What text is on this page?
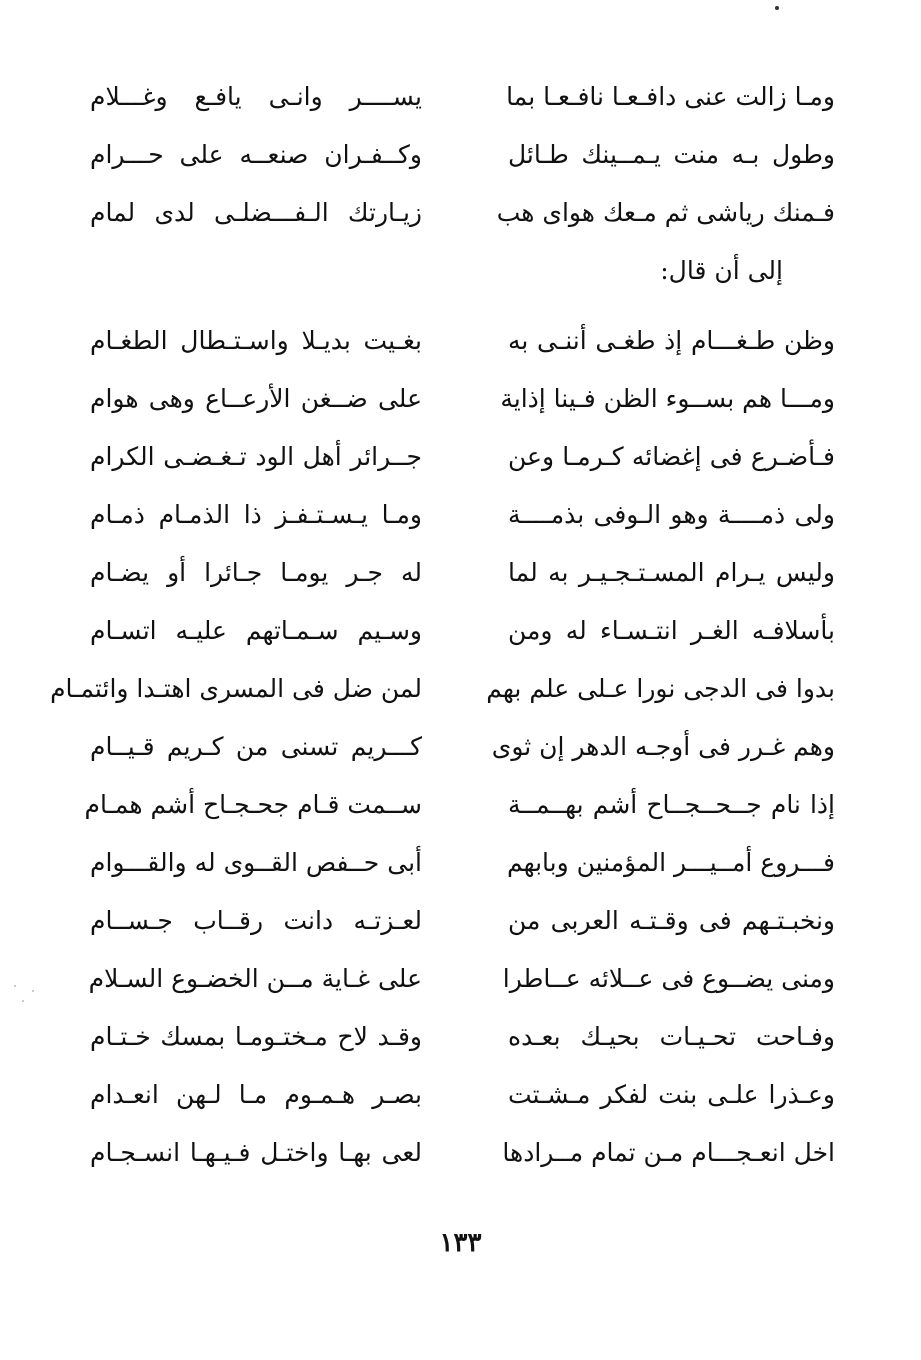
ومـا زالت عنى دافـعـا نافـعـا بما
يســــر وانـى يافـع وغـــلام
وطول بـه منت يـمــينك طـائل
وكــفـران صنعــه على حـــرام
فـمنك رياشى ثم مـعك هواى هب
زيـارتك الـفـــضلـى لدى لمام
إلى أن قال:
وظن طـغـــام إذ طغـى أننـى به
بغـيت بديـلا واسـتـطال الطغـام
ومـــا هم بســوء الظن فـينا إذاية
على ضــغن الأرعــاع وهى هوام
فـأضـرع فى إغضائه كـرمـا وعن
جــرائر أهل الود تـغـضـى الكرام
ولى ذمــــة وهو الـوفى بذمــــة
ومـا يـسـتـفـز ذا الذمـام ذمـام
وليس يـرام المسـتـجـيـر به لما
له جـر يومـا جـائرا أو يضـام
بأسلافـه الغـر انتـسـاء له ومن
وسـيم سـمـاتهم عليـه اتسـام
بدوا فى الدجى نورا عـلى علم بهم
لمن ضل فى المسرى اهتـدا وائتمـام
وهم غـرر فى أوجـه الدهر إن ثوى
كـــريم تسنى من كـريم قـيــام
إذا نام جــحــجــاح أشم بهــمــة
ســمت قـام جحـجـاح أشم همـام
فـــروع أمــيـــر المؤمنين وبابهم
أبى حــفص القــوى له والقـــوام
ونخبـتـهم فى وقـتـه العربى من
لعـزتـه دانت رقــاب جـســام
ومنى يضــوع فى عــلائه عــاطرا
على غـاية مــن الخضـوع السـلام
وفـاحت تحـيـات بحيـك بعـده
وقـد لاح مـختـومـا بمسك خـتـام
وعـذرا علـى بنت لفكر مـشـتت
بصـر هـمـوم مـا لـهن انعـدام
اخل انعـجـــام مـن تمام مــرادها
لعى بهـا واختـل فـيـهـا انسـجـام
١٣٣
